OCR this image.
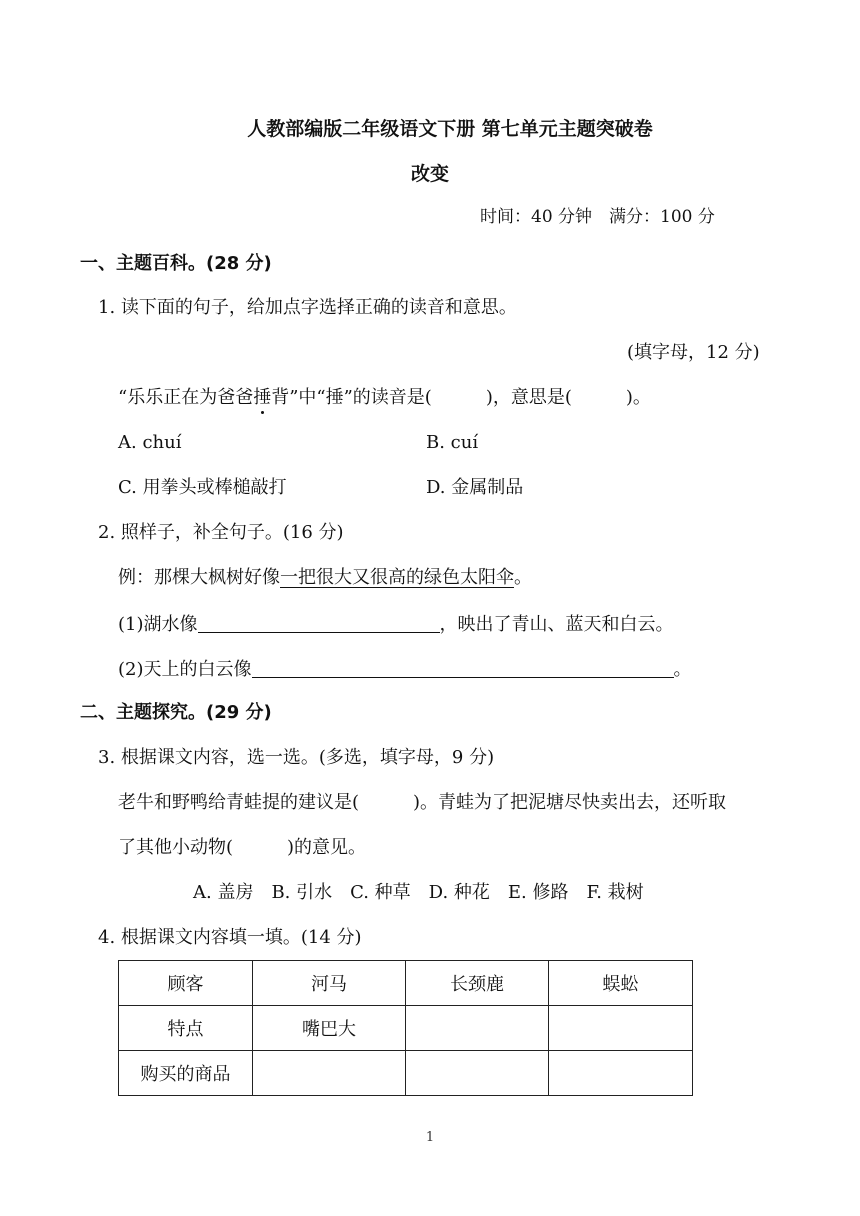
人教部编版二年级语文下册 第七单元主题突破卷
改变
时间：40 分钟　满分：100 分
一、主题百科。(28 分)
1. 读下面的句子，给加点字选择正确的读音和意思。
(填字母，12 分)
“乐乐正在为爸爸捶背”中“捶”的读音是(　　　)，意思是(　　　)。
A. chuí	B. cuí
C. 用拳头或棒槌敲打	D. 金属制品
2. 照样子，补全句子。(16 分)
例：那棵大枫树好像一把很大又很高的绿色太阳伞。
(1)湖水像	，映出了青山、蓝天和白云。
(2)天上的白云像	。
二、主题探究。(29 分)
3. 根据课文内容，选一选。(多选，填字母，9 分)
老牛和野鸭给青蛙提的建议是(　　　)。青蛙为了把泥塘尽快卖出去，还听取
了其他小动物(　　　)的意见。
A. 盖房　B. 引水　C. 种草　D. 种花　E. 修路　F. 栽树
4. 根据课文内容填一填。(14 分)
顾客	河马	长颈鹿	蜈蚣
特点	嘴巴大		
购买的商品			
1
